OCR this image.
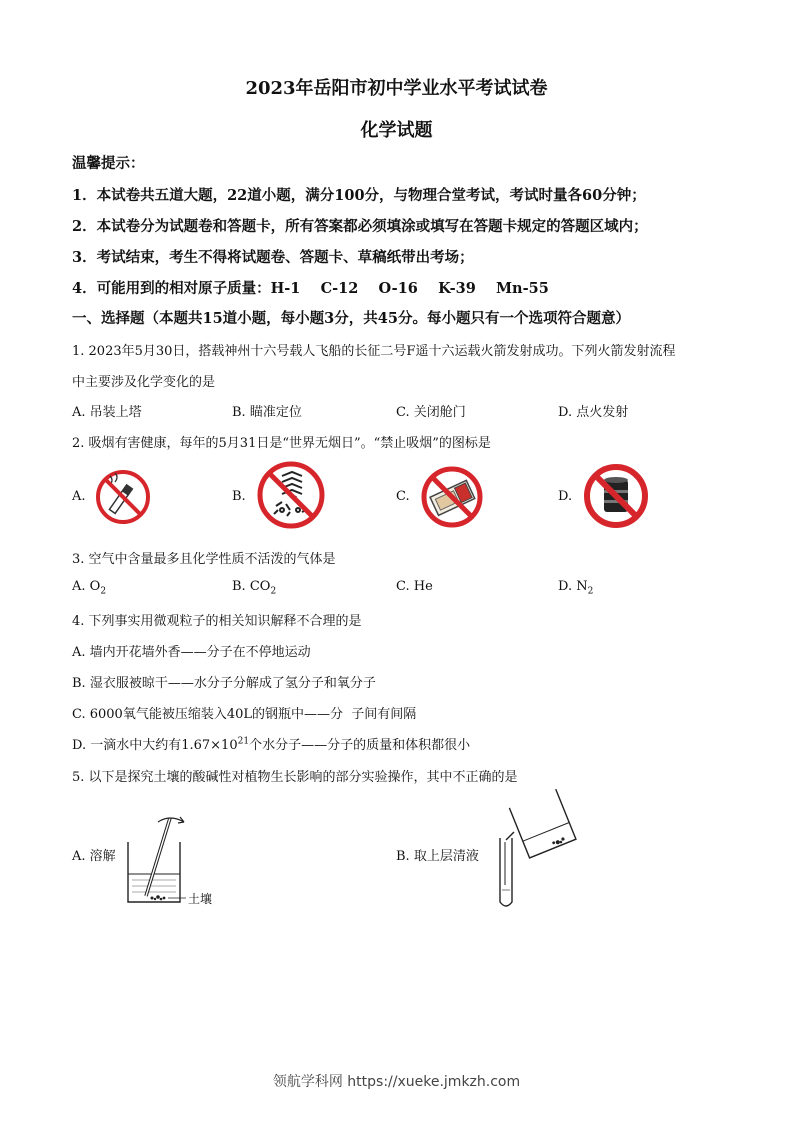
2023年岳阳市初中学业水平考试试卷
化学试题
温馨提示：
1．本试卷共五道大题，22道小题，满分100分，与物理合堂考试，考试时量各60分钟；
2．本试卷分为试题卷和答题卡，所有答案都必须填涂或填写在答题卡规定的答题区域内；
3．考试结束，考生不得将试题卷、答题卡、草稿纸带出考场；
4．可能用到的相对原子质量：H-1    C-12    O-16    K-39    Mn-55
一、选择题（本题共15道小题，每小题3分，共45分。每小题只有一个选项符合题意）
1. 2023年5月30日，搭载神州十六号载人飞船的长征二号F遥十六运载火箭发射成功。下列火箭发射流程
中主要涉及化学变化的是
A. 吊装上塔	B. 瞄准定位	C. 关闭舱门	D. 点火发射
2. 吸烟有害健康，每年的5月31日是“世界无烟日”。“禁止吸烟”的图标是
A.	B.	C.	D.
3. 空气中含量最多且化学性质不活泼的气体是
A. $O_2$	B. $CO_2$	C. He	D. $N_2$
4. 下列事实用微观粒子的相关知识解释不合理的是
A. 墙内开花墙外香——分子在不停地运动
B. 湿衣服被晾干——水分子分解成了氢分子和氧分子
C. 6000氧气能被压缩装入40L的钢瓶中——分  子间有间隔
D. 一滴水中大约有$1.67\times 10^{21}$个水分子——分子的质量和体积都很小
5. 以下是探究土壤的酸碱性对植物生长影响的部分实验操作，其中不正确的是
A. 溶解	B. 取上层清液
土壤
领航学科网 https://xueke.jmkzh.com
